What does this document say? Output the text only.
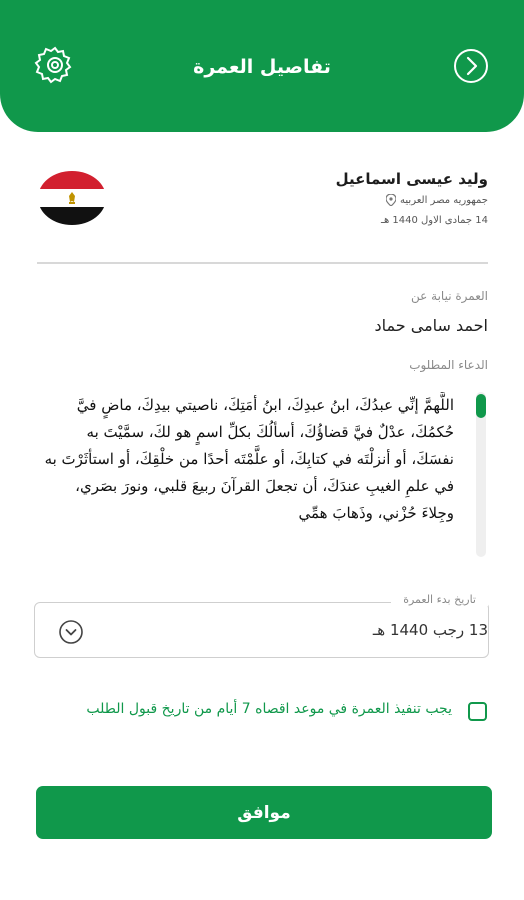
تفاصيل العمرة
وليد عيسى اسماعيل
جمهوريه مصر العربيه
14 جمادى الاول 1440 هـ
العمرة نيابة عن
احمد سامى حماد
الدعاء المطلوب
اللَّهمَّ إنِّي عبدُكَ، ابنُ عبدِكَ، ابنُ أمَتِكَ، ناصيتي بيدِكَ، ماضٍ فيَّ حُكمُكَ، عدْلٌ فيَّ قضاؤُكَ، أسألُكَ بكلِّ اسمٍ هو لكَ، سمَّيْتَ به نفسَكَ، أو أنزلْتَه في كتابِكَ، أو علَّمْتَه أحدًا من خلْقِكَ، أو استأثَرْتَ به في علمِ الغيبِ عندَكَ، أن تجعلَ القرآنَ ربيعَ قلبي، ونورَ بصَري، وجِلاءَ حُزْني، وذَهابَ همِّي
تاريخ بدء العمرة
13 رجب 1440 هـ
يجب تنفيذ العمرة في موعد اقصاه 7 أيام من تاريخ قبول الطلب
موافق
